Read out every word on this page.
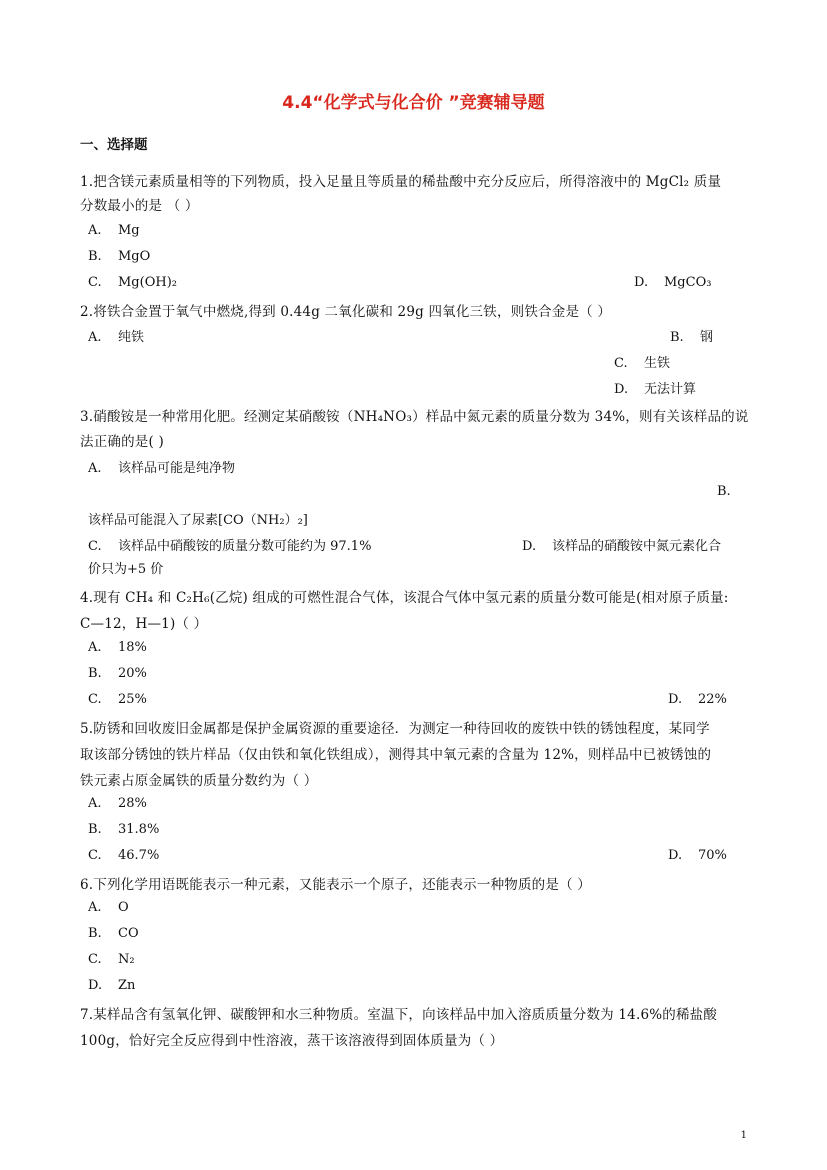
4.4“化学式与化合价 ”竞赛辅导题
一、选择题
1.把含镁元素质量相等的下列物质，投入足量且等质量的稀盐酸中充分反应后，所得溶液中的 MgCl₂ 质量
分数最小的是 （ ）
A. Mg
B. MgO
C. Mg(OH)₂	D. MgCO₃
2.将铁合金置于氧气中燃烧,得到 0.44g 二氧化碳和 29g 四氧化三铁，则铁合金是（ ）
A. 纯铁	B. 钢
C. 生铁
D. 无法计算
3.硝酸铵是一种常用化肥。经测定某硝酸铵（NH₄NO₃）样品中氮元素的质量分数为 34%，则有关该样品的说
法正确的是( )
A. 该样品可能是纯净物
B.
该样品可能混入了尿素[CO（NH₂）₂]
C. 该样品中硝酸铵的质量分数可能约为 97.1%	D. 该样品的硝酸铵中氮元素化合
价只为+5 价
4.现有 CH₄ 和 C₂H₆(乙烷) 组成的可燃性混合气体，该混合气体中氢元素的质量分数可能是(相对原子质量:
C—12，H—1)（ ）
A. 18%
B. 20%
C. 25%	D. 22%
5.防锈和回收废旧金属都是保护金属资源的重要途径．为测定一种待回收的废铁中铁的锈蚀程度，某同学
取该部分锈蚀的铁片样品（仅由铁和氧化铁组成），测得其中氧元素的含量为 12%，则样品中已被锈蚀的
铁元素占原金属铁的质量分数约为（ ）
A. 28%
B. 31.8%
C. 46.7%	D. 70%
6.下列化学用语既能表示一种元素，又能表示一个原子，还能表示一种物质的是（ ）
A. O
B. CO
C. N₂
D. Zn
7.某样品含有氢氧化钾、碳酸钾和水三种物质。室温下，向该样品中加入溶质质量分数为 14.6%的稀盐酸
100g，恰好完全反应得到中性溶液，蒸干该溶液得到固体质量为（ ）
1
